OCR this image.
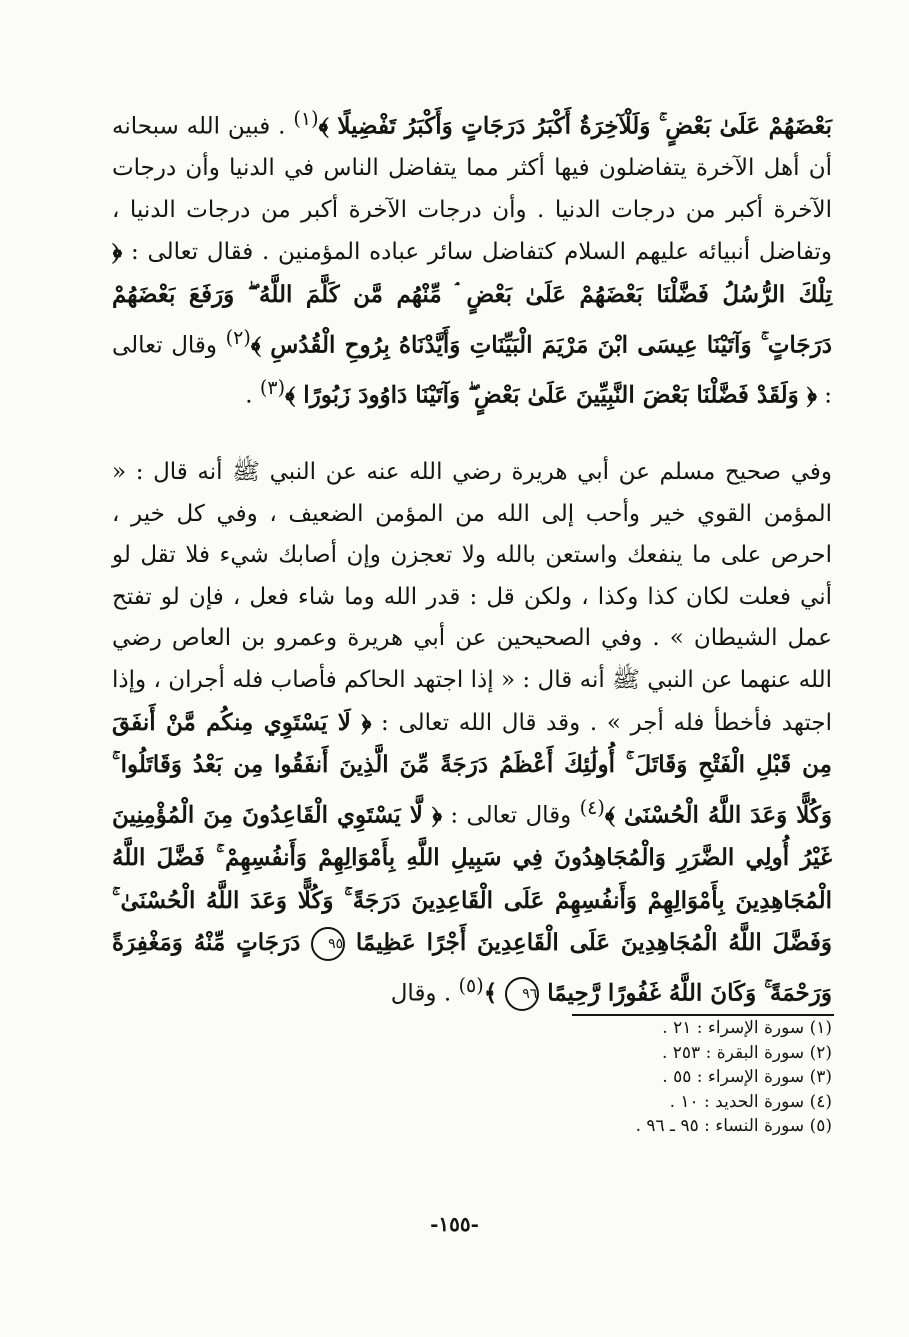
بَعْضَهُمْ عَلَىٰ بَعْضٍ ۚ وَلَلْآخِرَةُ أَكْبَرُ دَرَجَاتٍ وَأَكْبَرُ تَفْضِيلًا ﴾$^{(١)}$ . فبين الله سبحانه أن أهل الآخرة يتفاضلون فيها أكثر مما يتفاضل الناس في الدنيا وأن درجات الآخرة أكبر من درجات الدنيا . وأن درجات الآخرة أكبر من درجات الدنيا ، وتفاضل أنبيائه عليهم السلام كتفاضل سائر عباده المؤمنين . فقال تعالى : ﴿ تِلْكَ الرُّسُلُ فَضَّلْنَا بَعْضَهُمْ عَلَىٰ بَعْضٍ ۘ مِّنْهُم مَّن كَلَّمَ اللَّهُ ۖ وَرَفَعَ بَعْضَهُمْ دَرَجَاتٍ ۚ وَآتَيْنَا عِيسَى ابْنَ مَرْيَمَ الْبَيِّنَاتِ وَأَيَّدْنَاهُ بِرُوحِ الْقُدُسِ ﴾$^{(٢)}$ وقال تعالى : ﴿ وَلَقَدْ فَضَّلْنَا بَعْضَ النَّبِيِّينَ عَلَىٰ بَعْضٍ ۖ وَآتَيْنَا دَاوُودَ زَبُورًا ﴾$^{(٣)}$ .

وفي صحيح مسلم عن أبي هريرة رضي الله عنه عن النبي ﷺ أنه قال : « المؤمن القوي خير وأحب إلى الله من المؤمن الضعيف ، وفي كل خير ، احرص على ما ينفعك واستعن بالله ولا تعجزن وإن أصابك شيء فلا تقل لو أني فعلت لكان كذا وكذا ، ولكن قل : قدر الله وما شاء فعل ، فإن لو تفتح عمل الشيطان » . وفي الصحيحين عن أبي هريرة وعمرو بن العاص رضي الله عنهما عن النبي ﷺ أنه قال : « إذا اجتهد الحاكم فأصاب فله أجران ، وإذا اجتهد فأخطأ فله أجر » . وقد قال الله تعالى : ﴿ لَا يَسْتَوِي مِنكُم مَّنْ أَنفَقَ مِن قَبْلِ الْفَتْحِ وَقَاتَلَ ۚ أُولَٰئِكَ أَعْظَمُ دَرَجَةً مِّنَ الَّذِينَ أَنفَقُوا مِن بَعْدُ وَقَاتَلُوا ۚ وَكُلًّا وَعَدَ اللَّهُ الْحُسْنَىٰ ﴾$^{(٤)}$ وقال تعالى : ﴿ لَّا يَسْتَوِي الْقَاعِدُونَ مِنَ الْمُؤْمِنِينَ غَيْرُ أُولِي الضَّرَرِ وَالْمُجَاهِدُونَ فِي سَبِيلِ اللَّهِ بِأَمْوَالِهِمْ وَأَنفُسِهِمْ ۚ فَضَّلَ اللَّهُ الْمُجَاهِدِينَ بِأَمْوَالِهِمْ وَأَنفُسِهِمْ عَلَى الْقَاعِدِينَ دَرَجَةً ۚ وَكُلًّا وَعَدَ اللَّهُ الْحُسْنَىٰ ۚ وَفَضَّلَ اللَّهُ الْمُجَاهِدِينَ عَلَى الْقَاعِدِينَ أَجْرًا عَظِيمًا ٩٥ دَرَجَاتٍ مِّنْهُ وَمَغْفِرَةً وَرَحْمَةً ۚ وَكَانَ اللَّهُ غَفُورًا رَّحِيمًا ٩٦ ﴾$^{(٥)}$ . وقال

(١) سورة الإسراء : ٢١ .
(٢) سورة البقرة : ٢٥٣ .
(٣) سورة الإسراء : ٥٥ .
(٤) سورة الحديد : ١٠ .
(٥) سورة النساء : ٩٥ ـ ٩٦ .
-١٥٥-
